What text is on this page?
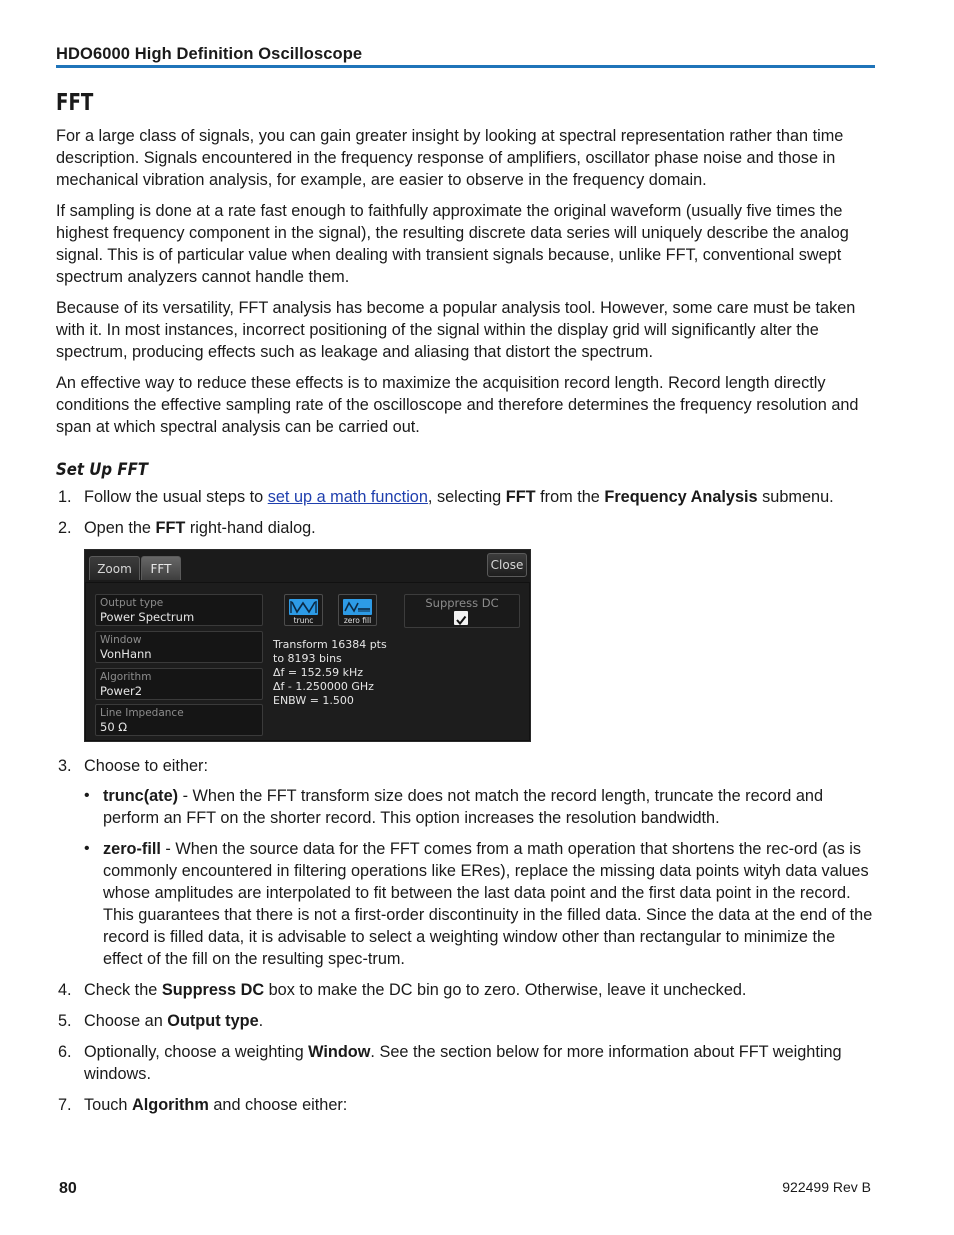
HDO6000 High Definition Oscilloscope
FFT

For a large class of signals, you can gain greater insight by looking at spectral representation rather than time description. Signals encountered in the frequency response of amplifiers, oscillator phase noise and those in mechanical vibration analysis, for example, are easier to observe in the frequency domain.

If sampling is done at a rate fast enough to faithfully approximate the original waveform (usually five times the highest frequency component in the signal), the resulting discrete data series will uniquely describe the analog signal. This is of particular value when dealing with transient signals because, unlike FFT, conventional swept spectrum analyzers cannot handle them.

Because of its versatility, FFT analysis has become a popular analysis tool. However, some care must be taken with it. In most instances, incorrect positioning of the signal within the display grid will significantly alter the spectrum, producing effects such as leakage and aliasing that distort the spectrum.

An effective way to reduce these effects is to maximize the acquisition record length. Record length directly conditions the effective sampling rate of the oscilloscope and therefore determines the frequency resolution and span at which spectral analysis can be carried out.

Set Up FFT
1. Follow the usual steps to set up a math function, selecting FFT from the Frequency Analysis submenu.
2. Open the FFT right-hand dialog.
Zoom	FFT	Close
Output type
Power Spectrum
Window
VonHann
Algorithm
Power2
Line Impedance
50 Ω
trunc	zero fill
Suppress DC
Transform 16384 pts
to 8193 bins
Δf = 152.59 kHz
Δf - 1.250000 GHz
ENBW = 1.500
3. Choose to either:
• trunc(ate) - When the FFT transform size does not match the record length, truncate the record and perform an FFT on the shorter record. This option increases the resolution bandwidth.
• zero-fill - When the source data for the FFT comes from a math operation that shortens the rec-ord (as is commonly encountered in filtering operations like ERes), replace the missing data points wityh data values whose amplitudes are interpolated to fit between the last data point and the first data point in the record. This guarantees that there is not a first-order discontinuity in the filled data. Since the data at the end of the record is filled data, it is advisable to select a weighting window other than rectangular to minimize the effect of the fill on the resulting spec-trum.
4. Check the Suppress DC box to make the DC bin go to zero. Otherwise, leave it unchecked.
5. Choose an Output type.
6. Optionally, choose a weighting Window. See the section below for more information about FFT weighting windows.
7. Touch Algorithm and choose either:
80	922499 Rev B
